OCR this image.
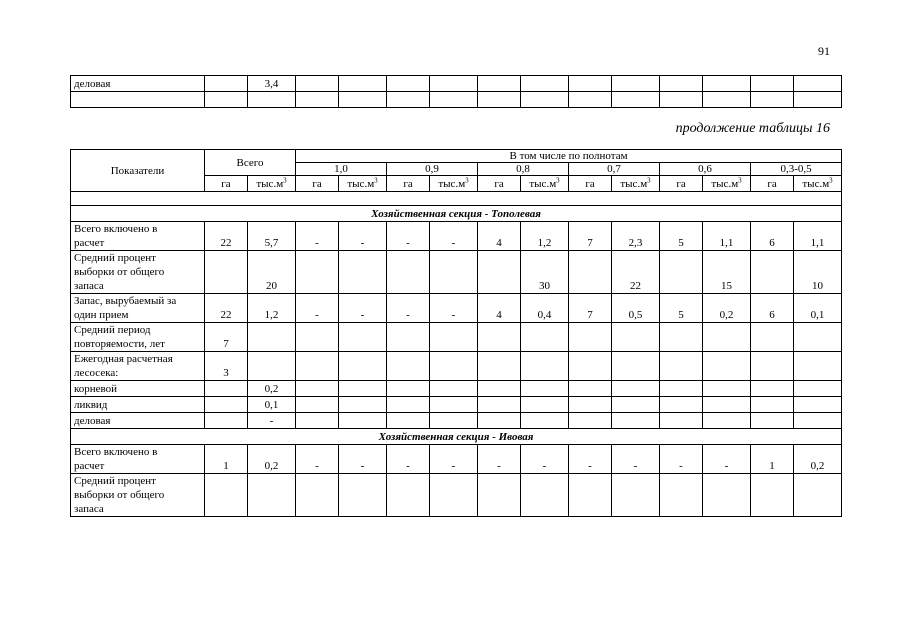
91
деловая		3,4												

продолжение таблицы 16
Показатели	Всего		В том числе по полнотам											
			1,0		0,9		0,8		0,7		0,6		0,3-0,5	
	га	$тыс.м^3$	га	$тыс.м^3$	га	$тыс.м^3$	га	$тыс.м^3$	га	$тыс.м^3$	га	$тыс.м^3$	га	$тыс.м^3$

Хозяйственная секция - Тополевая														
Всего включено в
расчет	22	5,7	-	-	-	-	4	1,2	7	2,3	5	1,1	6	1,1
Средний процент
выборки от общего
запаса		20						30		22		15		10
Запас, вырубаемый за
один прием	22	1,2	-	-	-	-	4	0,4	7	0,5	5	0,2	6	0,1
Средний период
повторяемости, лет	7													
Ежегодная расчетная
лесосека:	3													
корневой		0,2												
ликвид		0,1												
деловая		-												
Хозяйственная секция - Ивовая														
Всего включено в
расчет	1	0,2	-	-	-	-	-	-	-	-	-	-	1	0,2
Средний процент
выборки от общего
запаса														
